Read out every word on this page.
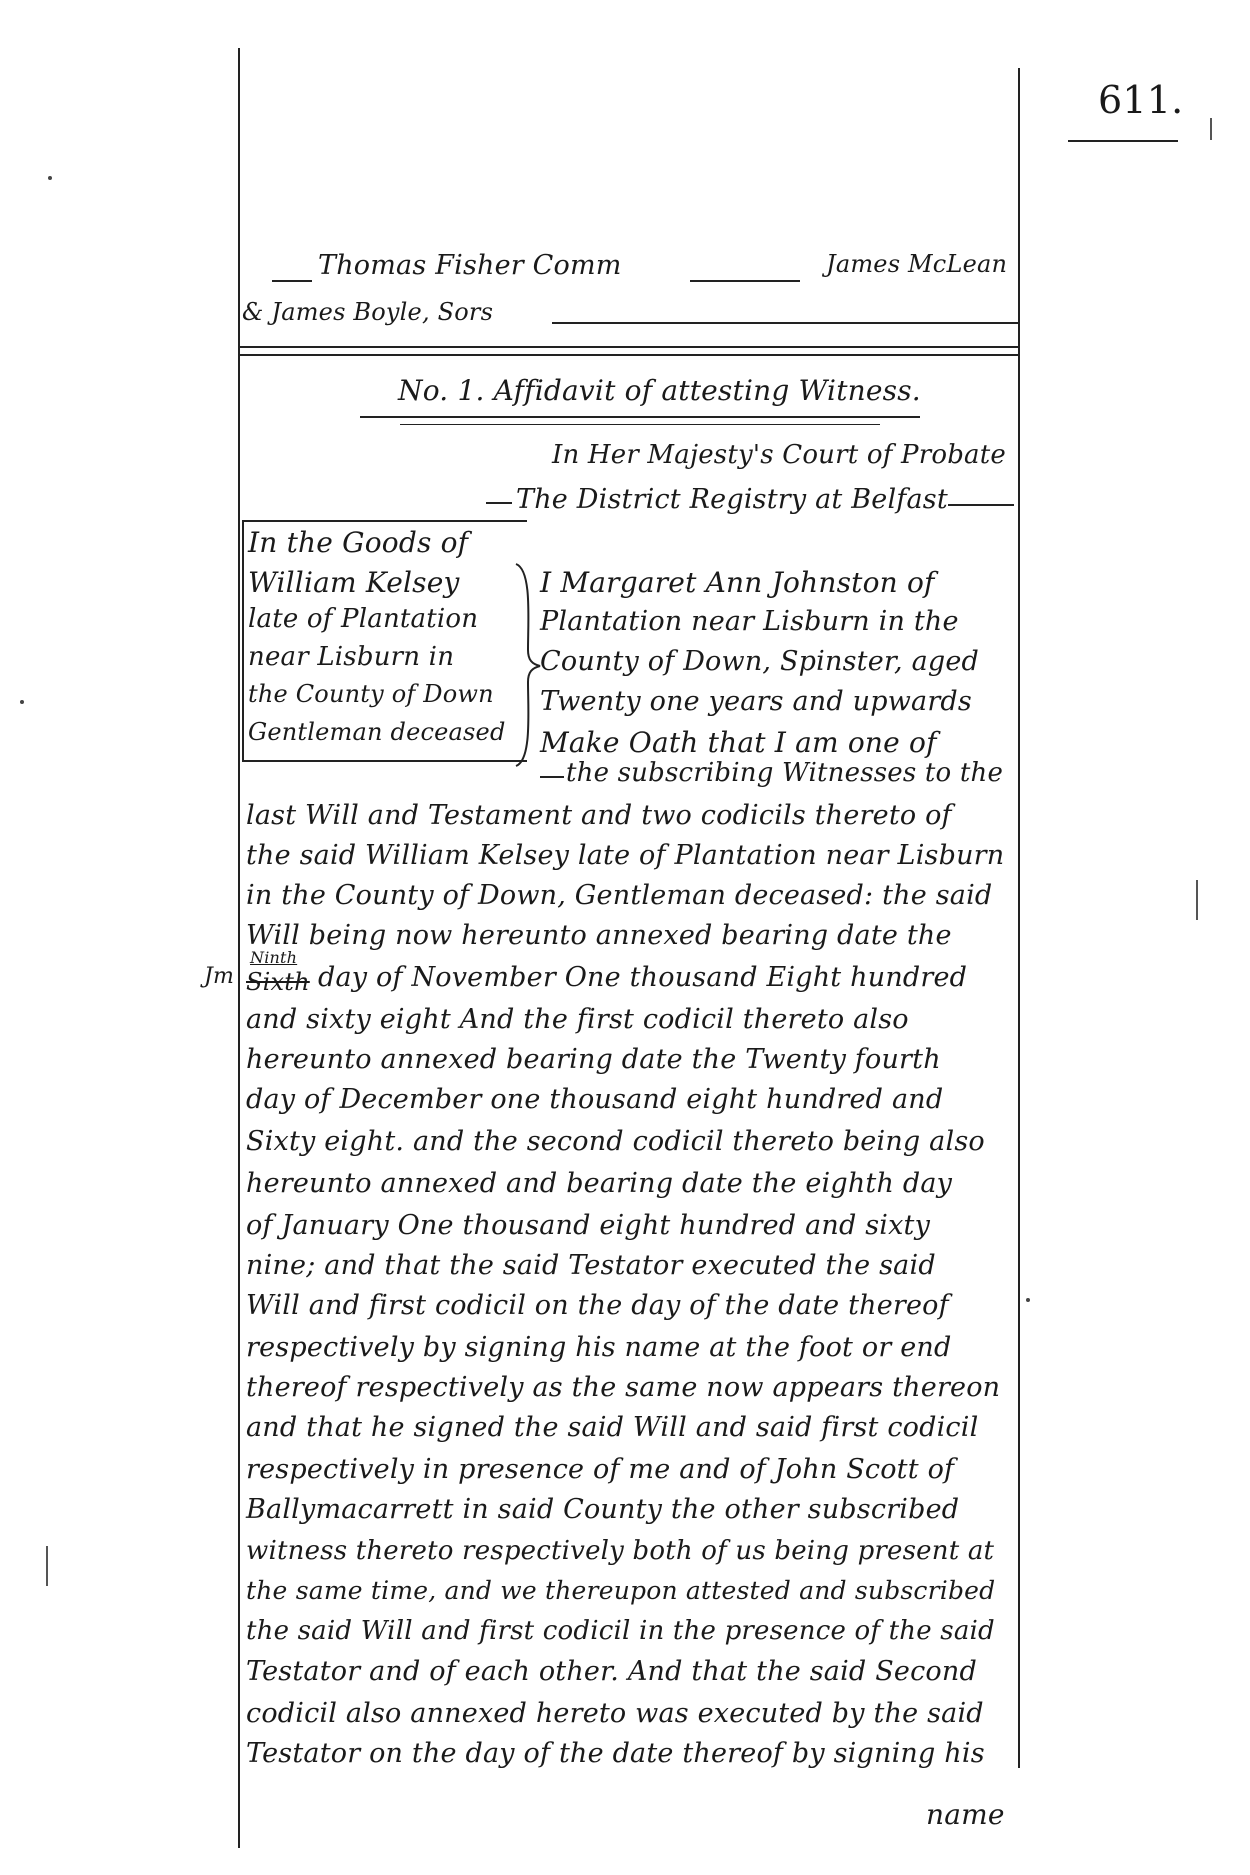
611.
Thomas Fisher Comm	James McLean
& James Boyle, Sors
No. 1. Affidavit of attesting Witness.
In Her Majesty's Court of Probate
The District Registry at Belfast
In the Goods of
William Kelsey
late of Plantation
near Lisburn in
the County of Down
Gentleman deceased
I Margaret Ann Johnston of
Plantation near Lisburn in the
County of Down, Spinster, aged
Twenty one years and upwards
Make Oath that I am one of
the subscribing Witnesses to the
last Will and Testament and two codicils thereto of
the said William Kelsey late of Plantation near Lisburn
in the County of Down, Gentleman deceased: the said
Will being now hereunto annexed bearing date the
Jm
Ninth
Sixth day of November One thousand Eight hundred
and sixty eight And the first codicil thereto also
hereunto annexed bearing date the Twenty fourth
day of December one thousand eight hundred and
Sixty eight. and the second codicil thereto being also
hereunto annexed and bearing date the eighth day
of January One thousand eight hundred and sixty
nine; and that the said Testator executed the said
Will and first codicil on the day of the date thereof
respectively by signing his name at the foot or end
thereof respectively as the same now appears thereon
and that he signed the said Will and said first codicil
respectively in presence of me and of John Scott of
Ballymacarrett in said County the other subscribed
witness thereto respectively both of us being present at
the same time, and we thereupon attested and subscribed
the said Will and first codicil in the presence of the said
Testator and of each other. And that the said Second
codicil also annexed hereto was executed by the said
Testator on the day of the date thereof by signing his
name
